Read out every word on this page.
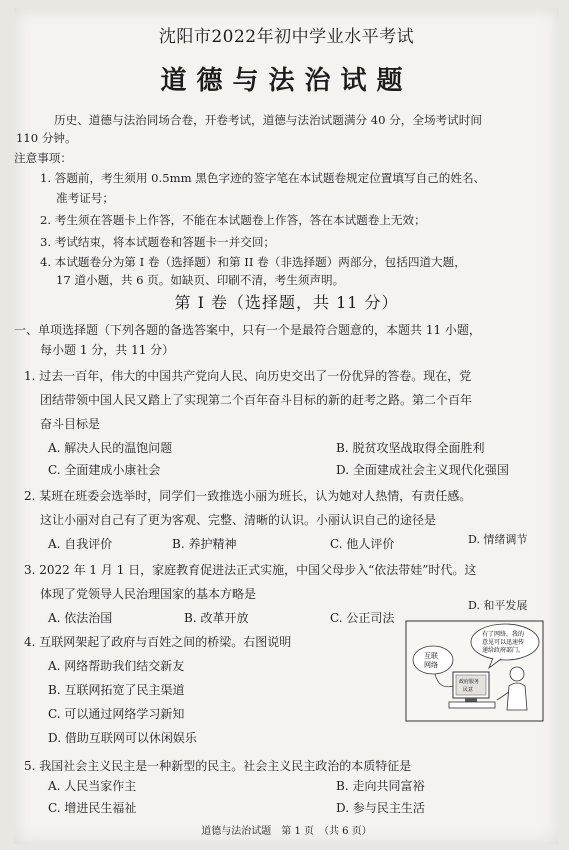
沈阳市2022年初中学业水平考试
道德与法治试题
历史、道德与法治同场合卷，开卷考试，道德与法治试题满分 40 分，全场考试时间
110 分钟。
注意事项：
1. 答题前，考生须用 0.5mm 黑色字迹的签字笔在本试题卷规定位置填写自己的姓名、
准考证号；
2. 考生须在答题卡上作答，不能在本试题卷上作答，答在本试题卷上无效；
3. 考试结束，将本试题卷和答题卡一并交回；
4. 本试题卷分为第 I 卷（选择题）和第 II 卷（非选择题）两部分，包括四道大题，
17 道小题，共 6 页。如缺页、印刷不清，考生须声明。
第 I 卷（选择题，共 11 分）
一、单项选择题（下列各题的备选答案中，只有一个是最符合题意的，本题共 11 小题，
每小题 1 分，共 11 分）
1. 过去一百年，伟大的中国共产党向人民、向历史交出了一份优异的答卷。现在，党
团结带领中国人民又踏上了实现第二个百年奋斗目标的新的赶考之路。第二个百年
奋斗目标是
A. 解决人民的温饱问题	B. 脱贫攻坚战取得全面胜利
C. 全面建成小康社会	D. 全面建成社会主义现代化强国
2. 某班在班委会选举时，同学们一致推选小丽为班长，认为她对人热情，有责任感。
这让小丽对自己有了更为客观、完整、清晰的认识。小丽认识自己的途径是
A. 自我评价	B. 养护精神	C. 他人评价	D. 情绪调节
3. 2022 年 1 月 1 日，家庭教育促进法正式实施，中国父母步入“依法带娃”时代。这
体现了党领导人民治理国家的基本方略是
A. 依法治国	B. 改革开放	C. 公正司法
D. 和平发展
4. 互联网架起了政府与百姓之间的桥梁。右图说明
A. 网络帮助我们结交新友
B. 互联网拓宽了民主渠道
C. 可以通过网络学习新知
D. 借助互联网可以休闲娱乐
有了网络，我的
意见可以迅速传
递给政府部门。
互联
网络
政府服务
民意
5. 我国社会主义民主是一种新型的民主。社会主义民主政治的本质特征是
A. 人民当家作主	B. 走向共同富裕
C. 增进民生福祉	D. 参与民主生活
道德与法治试题　第 1 页　（共 6 页）
